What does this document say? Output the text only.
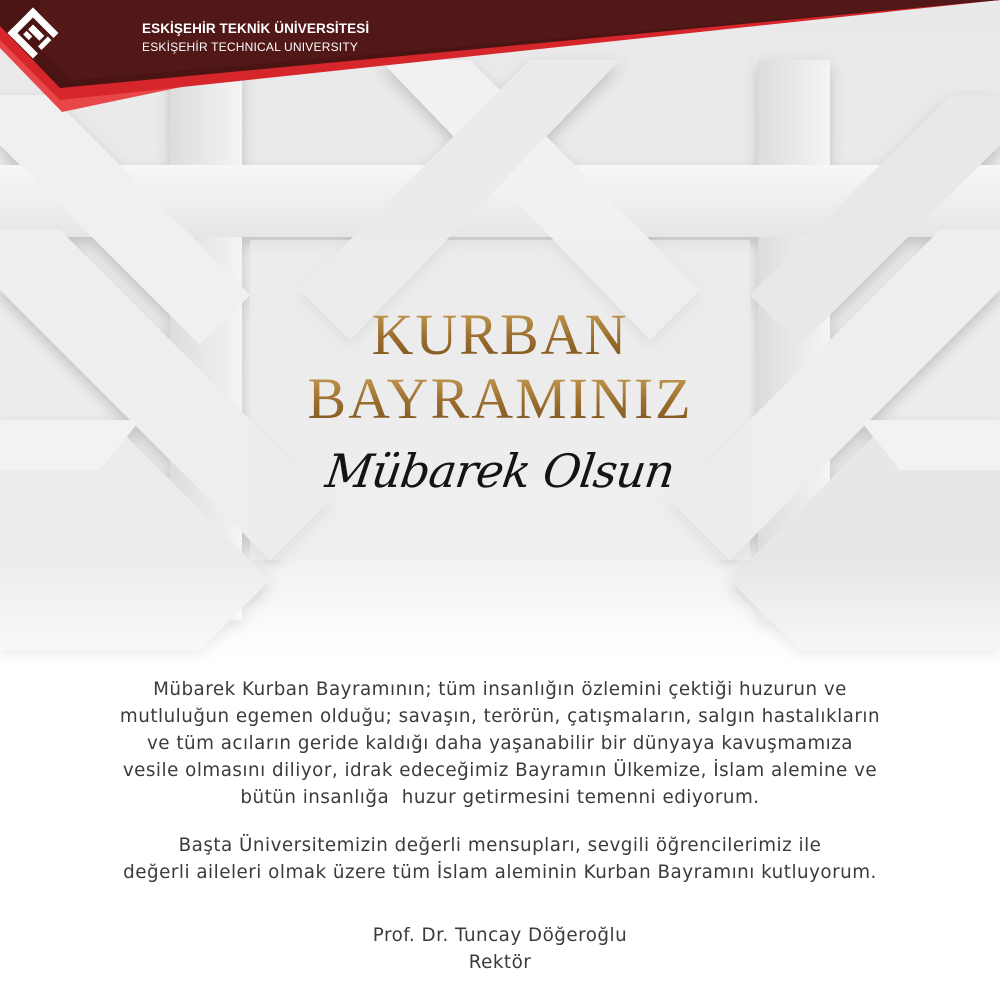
ESKİŞEHİR TEKNİK ÜNİVERSİTESİ
ESKİŞEHİR TECHNICAL UNIVERSITY
KURBAN
BAYRAMINIZ
Mübarek Olsun
Mübarek Kurban Bayramının; tüm insanlığın özlemini çektiği huzurun ve
mutluluğun egemen olduğu; savaşın, terörün, çatışmaların, salgın hastalıkların
ve tüm acıların geride kaldığı daha yaşanabilir bir dünyaya kavuşmamıza
vesile olmasını diliyor, idrak edeceğimiz Bayramın Ülkemize, İslam alemine ve
bütün insanlığa  huzur getirmesini temenni ediyorum.
Başta Üniversitemizin değerli mensupları, sevgili öğrencilerimiz ile
değerli aileleri olmak üzere tüm İslam aleminin Kurban Bayramını kutluyorum.
Prof. Dr. Tuncay Döğeroğlu
Rektör
